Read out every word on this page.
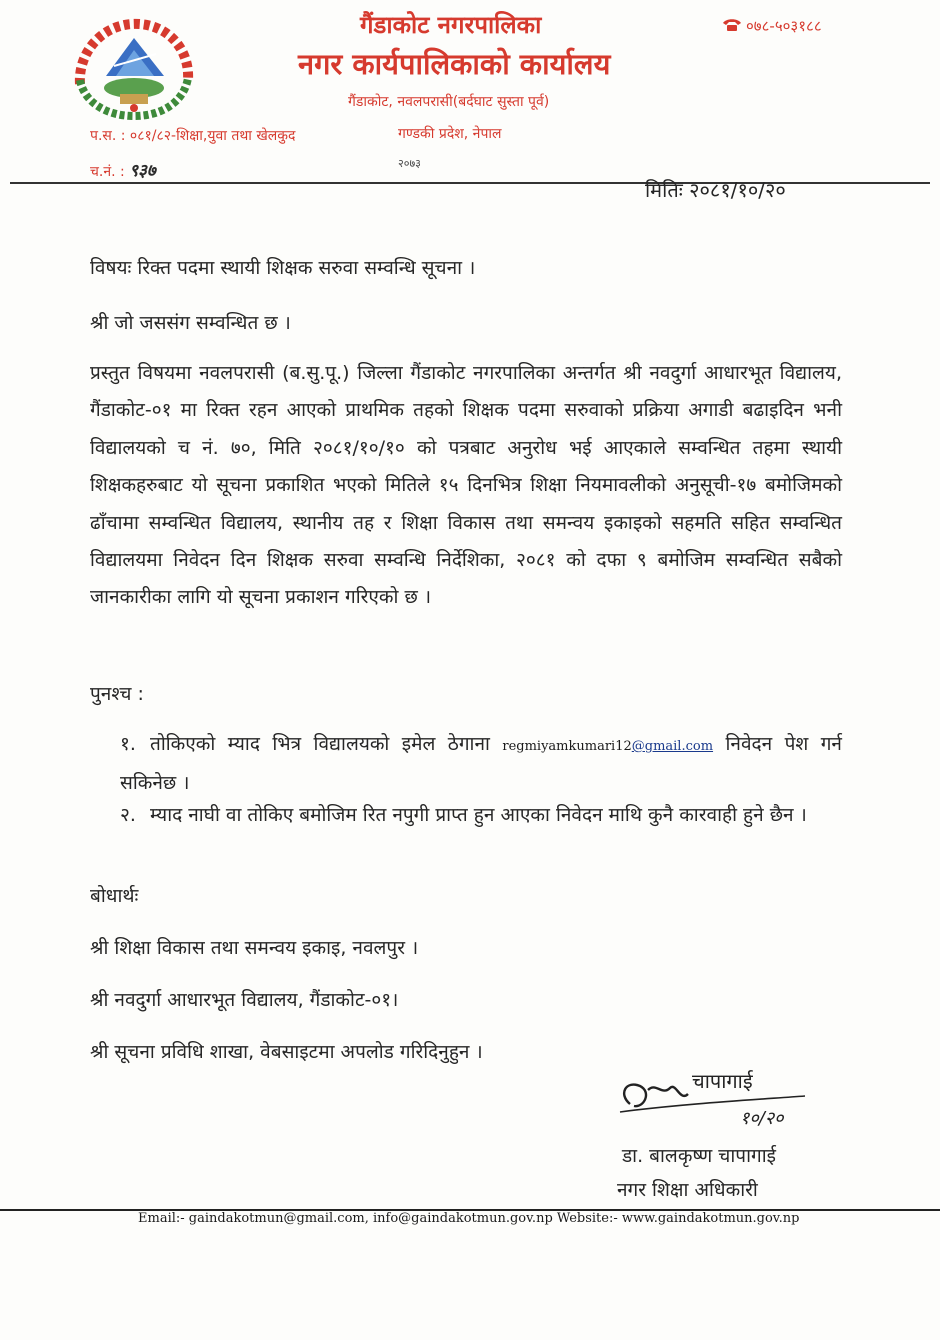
गैंडाकोट नगरपालिका
नगर कार्यपालिकाको कार्यालय
गैंडाकोट, नवलपरासी(बर्दघाट सुस्ता पूर्व)
गण्डकी प्रदेश, नेपाल
२०७३
०७८-५०३१८८
प.स. : ०८१/८२-शिक्षा,युवा तथा खेलकुद
च.नं. : ९३७
मितिः २०८१/१०/२०
विषयः रिक्त पदमा स्थायी शिक्षक सरुवा सम्वन्धि सूचना ।
श्री जो जससंग सम्वन्धित छ ।
प्रस्तुत विषयमा नवलपरासी (ब.सु.पू.) जिल्ला गैंडाकोट नगरपालिका अन्तर्गत श्री नवदुर्गा आधारभूत विद्यालय, गैंडाकोट-०१ मा रिक्त रहन आएको प्राथमिक तहको शिक्षक पदमा सरुवाको प्रक्रिया अगाडी बढाइदिन भनी विद्यालयको च नं. ७०, मिति २०८१/१०/१० को पत्रबाट अनुरोध भई आएकाले सम्वन्धित तहमा स्थायी शिक्षकहरुबाट यो सूचना प्रकाशित भएको मितिले १५ दिनभित्र शिक्षा नियमावलीको अनुसूची-१७ बमोजिमको ढाँचामा सम्वन्धित विद्यालय, स्थानीय तह र शिक्षा विकास तथा समन्वय इकाइको सहमति सहित सम्वन्धित विद्यालयमा निवेदन दिन शिक्षक सरुवा सम्वन्धि निर्देशिका, २०८१ को दफा ९ बमोजिम सम्वन्धित सबैको जानकारीका लागि यो सूचना प्रकाशन गरिएको छ ।
पुनश्च :
१. तोकिएको म्याद भित्र विद्यालयको इमेल ठेगाना regmiyamkumari12@gmail.com निवेदन पेश गर्न सकिनेछ ।
२. म्याद नाघी वा तोकिए बमोजिम रित नपुगी प्राप्त हुन आएका निवेदन माथि कुनै कारवाही हुने छैन ।
बोधार्थः
श्री शिक्षा विकास तथा समन्वय इकाइ, नवलपुर ।
श्री नवदुर्गा आधारभूत विद्यालय, गैंडाकोट-०१।
श्री सूचना प्रविधि शाखा, वेबसाइटमा अपलोड गरिदिनुहुन ।
चापागाई
१०/२०
डा. बालकृष्ण चापागाई
नगर शिक्षा अधिकारी
Email:- gaindakotmun@gmail.com, info@gaindakotmun.gov.np Website:- www.gaindakotmun.gov.np
